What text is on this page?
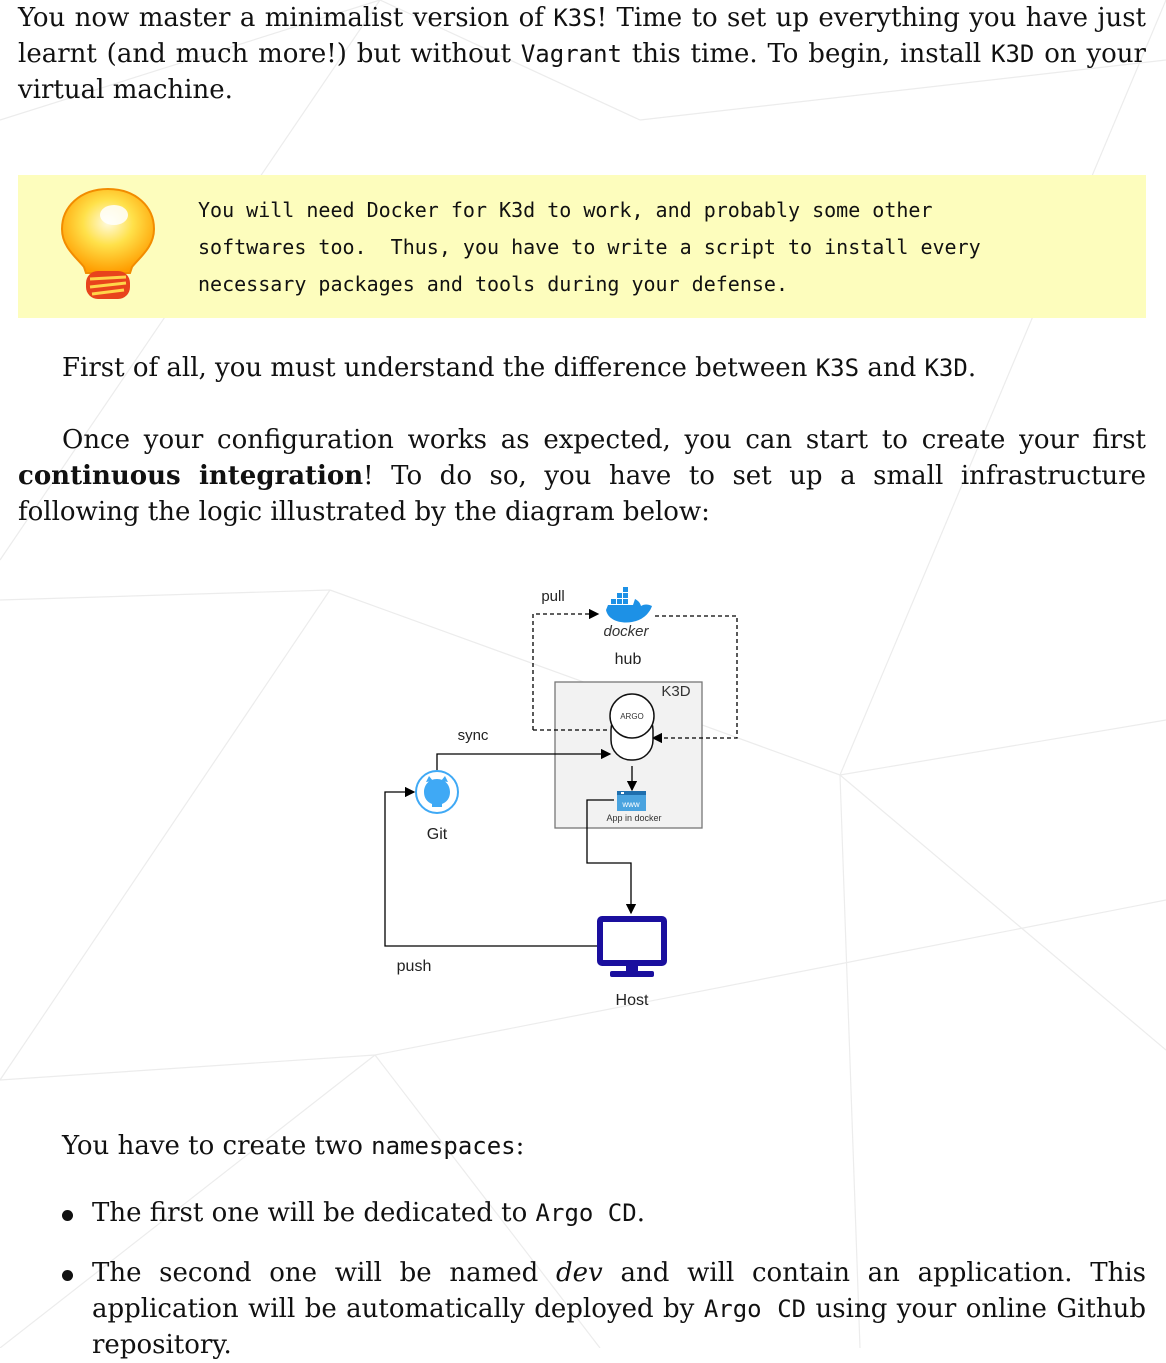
You now master a minimalist version of K3S! Time to set up everything you have just learnt (and much more!) but without Vagrant this time. To begin, install K3D on your virtual machine.

You will need Docker for K3d to work, and probably some other
softwares too.  Thus, you have to write a script to install every
necessary packages and tools during your defense.

First of all, you must understand the difference between K3S and K3D.

Once your configuration works as expected, you can start to create your first continuous integration! To do so, you have to set up a small infrastructure following the logic illustrated by the diagram below:

K3D
pull
docker
hub
ARGO
www
App in docker
sync
Git
push
Host

You have to create two namespaces:

The first one will be dedicated to Argo CD.
The second one will be named dev and will contain an application. This application will be automatically deployed by Argo CD using your online Github repository.
